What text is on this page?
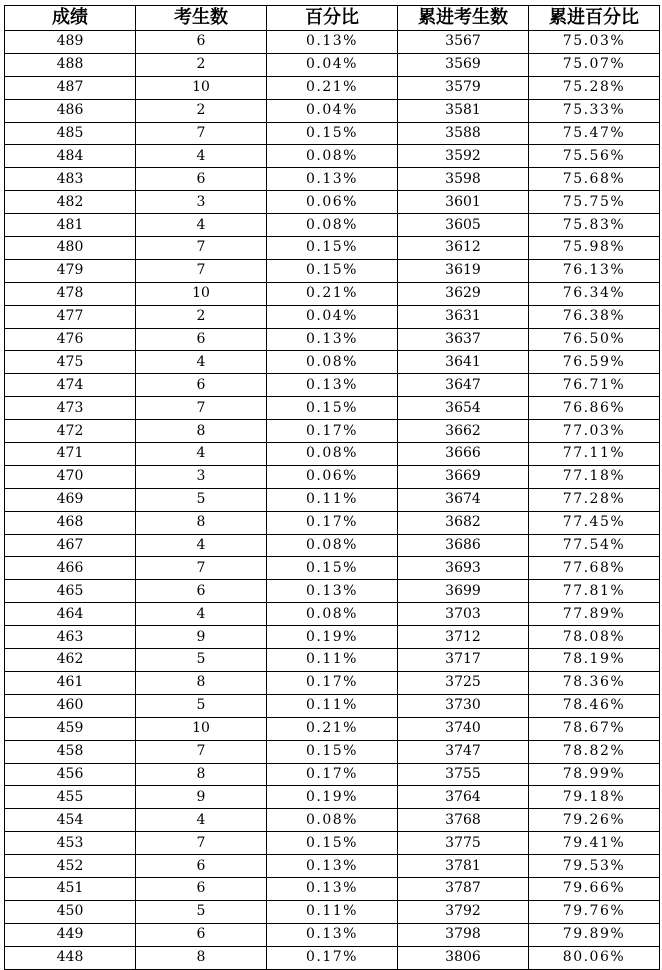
成绩	考生数	百分比	累进考生数	累进百分比
489	6	0.13%	3567	75.03%
488	2	0.04%	3569	75.07%
487	10	0.21%	3579	75.28%
486	2	0.04%	3581	75.33%
485	7	0.15%	3588	75.47%
484	4	0.08%	3592	75.56%
483	6	0.13%	3598	75.68%
482	3	0.06%	3601	75.75%
481	4	0.08%	3605	75.83%
480	7	0.15%	3612	75.98%
479	7	0.15%	3619	76.13%
478	10	0.21%	3629	76.34%
477	2	0.04%	3631	76.38%
476	6	0.13%	3637	76.50%
475	4	0.08%	3641	76.59%
474	6	0.13%	3647	76.71%
473	7	0.15%	3654	76.86%
472	8	0.17%	3662	77.03%
471	4	0.08%	3666	77.11%
470	3	0.06%	3669	77.18%
469	5	0.11%	3674	77.28%
468	8	0.17%	3682	77.45%
467	4	0.08%	3686	77.54%
466	7	0.15%	3693	77.68%
465	6	0.13%	3699	77.81%
464	4	0.08%	3703	77.89%
463	9	0.19%	3712	78.08%
462	5	0.11%	3717	78.19%
461	8	0.17%	3725	78.36%
460	5	0.11%	3730	78.46%
459	10	0.21%	3740	78.67%
458	7	0.15%	3747	78.82%
456	8	0.17%	3755	78.99%
455	9	0.19%	3764	79.18%
454	4	0.08%	3768	79.26%
453	7	0.15%	3775	79.41%
452	6	0.13%	3781	79.53%
451	6	0.13%	3787	79.66%
450	5	0.11%	3792	79.76%
449	6	0.13%	3798	79.89%
448	8	0.17%	3806	80.06%
